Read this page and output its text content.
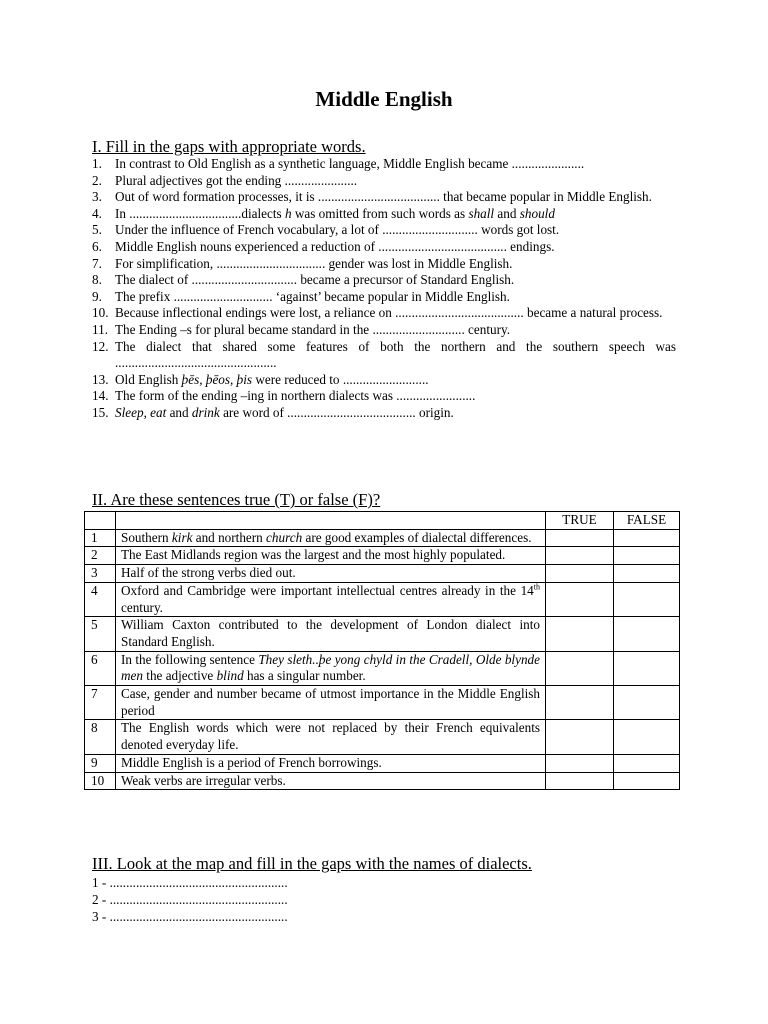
Middle English
I. Fill in the gaps with appropriate words.
1. In contrast to Old English as a synthetic language, Middle English became ......................
2. Plural adjectives got the ending ......................
3. Out of word formation processes, it is ..................................... that became popular in Middle English.
4. In ..................................dialects h was omitted from such words as shall and should
5. Under the influence of French vocabulary, a lot of ............................. words got lost.
6. Middle English nouns experienced a reduction of ....................................... endings.
7. For simplification, ................................. gender was lost in Middle English.
8. The dialect of ................................ became a precursor of Standard English.
9. The prefix .............................. ‘against’ became popular in Middle English.
10. Because inflectional endings were lost, a reliance on ....................................... became a natural process.
11. The Ending –s for plural became standard in the ............................ century.
12. The dialect that shared some features of both the northern and the southern speech was .................................................
13. Old English þēs, þēos, þis were reduced to ..........................
14. The form of the ending –ing in northern dialects was ........................
15. Sleep, eat and drink are word of ....................................... origin.
II. Are these sentences true (T) or false (F)?
		TRUE	FALSE
1	Southern kirk and northern church are good examples of dialectal differences.		
2	The East Midlands region was the largest and the most highly populated.		
3	Half of the strong verbs died out.		
4	Oxford and Cambridge were important intellectual centres already in the 14th century.		
5	William Caxton contributed to the development of London dialect into Standard English.		
6	In the following sentence They sleth..þe yong chyld in the Cradell, Olde blynde men the adjective blind has a singular number.		
7	Case, gender and number became of utmost importance in the Middle English period		
8	The English words which were not replaced by their French equivalents denoted everyday life.		
9	Middle English is a period of French borrowings.		
10	Weak verbs are irregular verbs.		
III. Look at the map and fill in the gaps with the names of dialects.
1 - ......................................................
2 - ......................................................
3 - ......................................................
